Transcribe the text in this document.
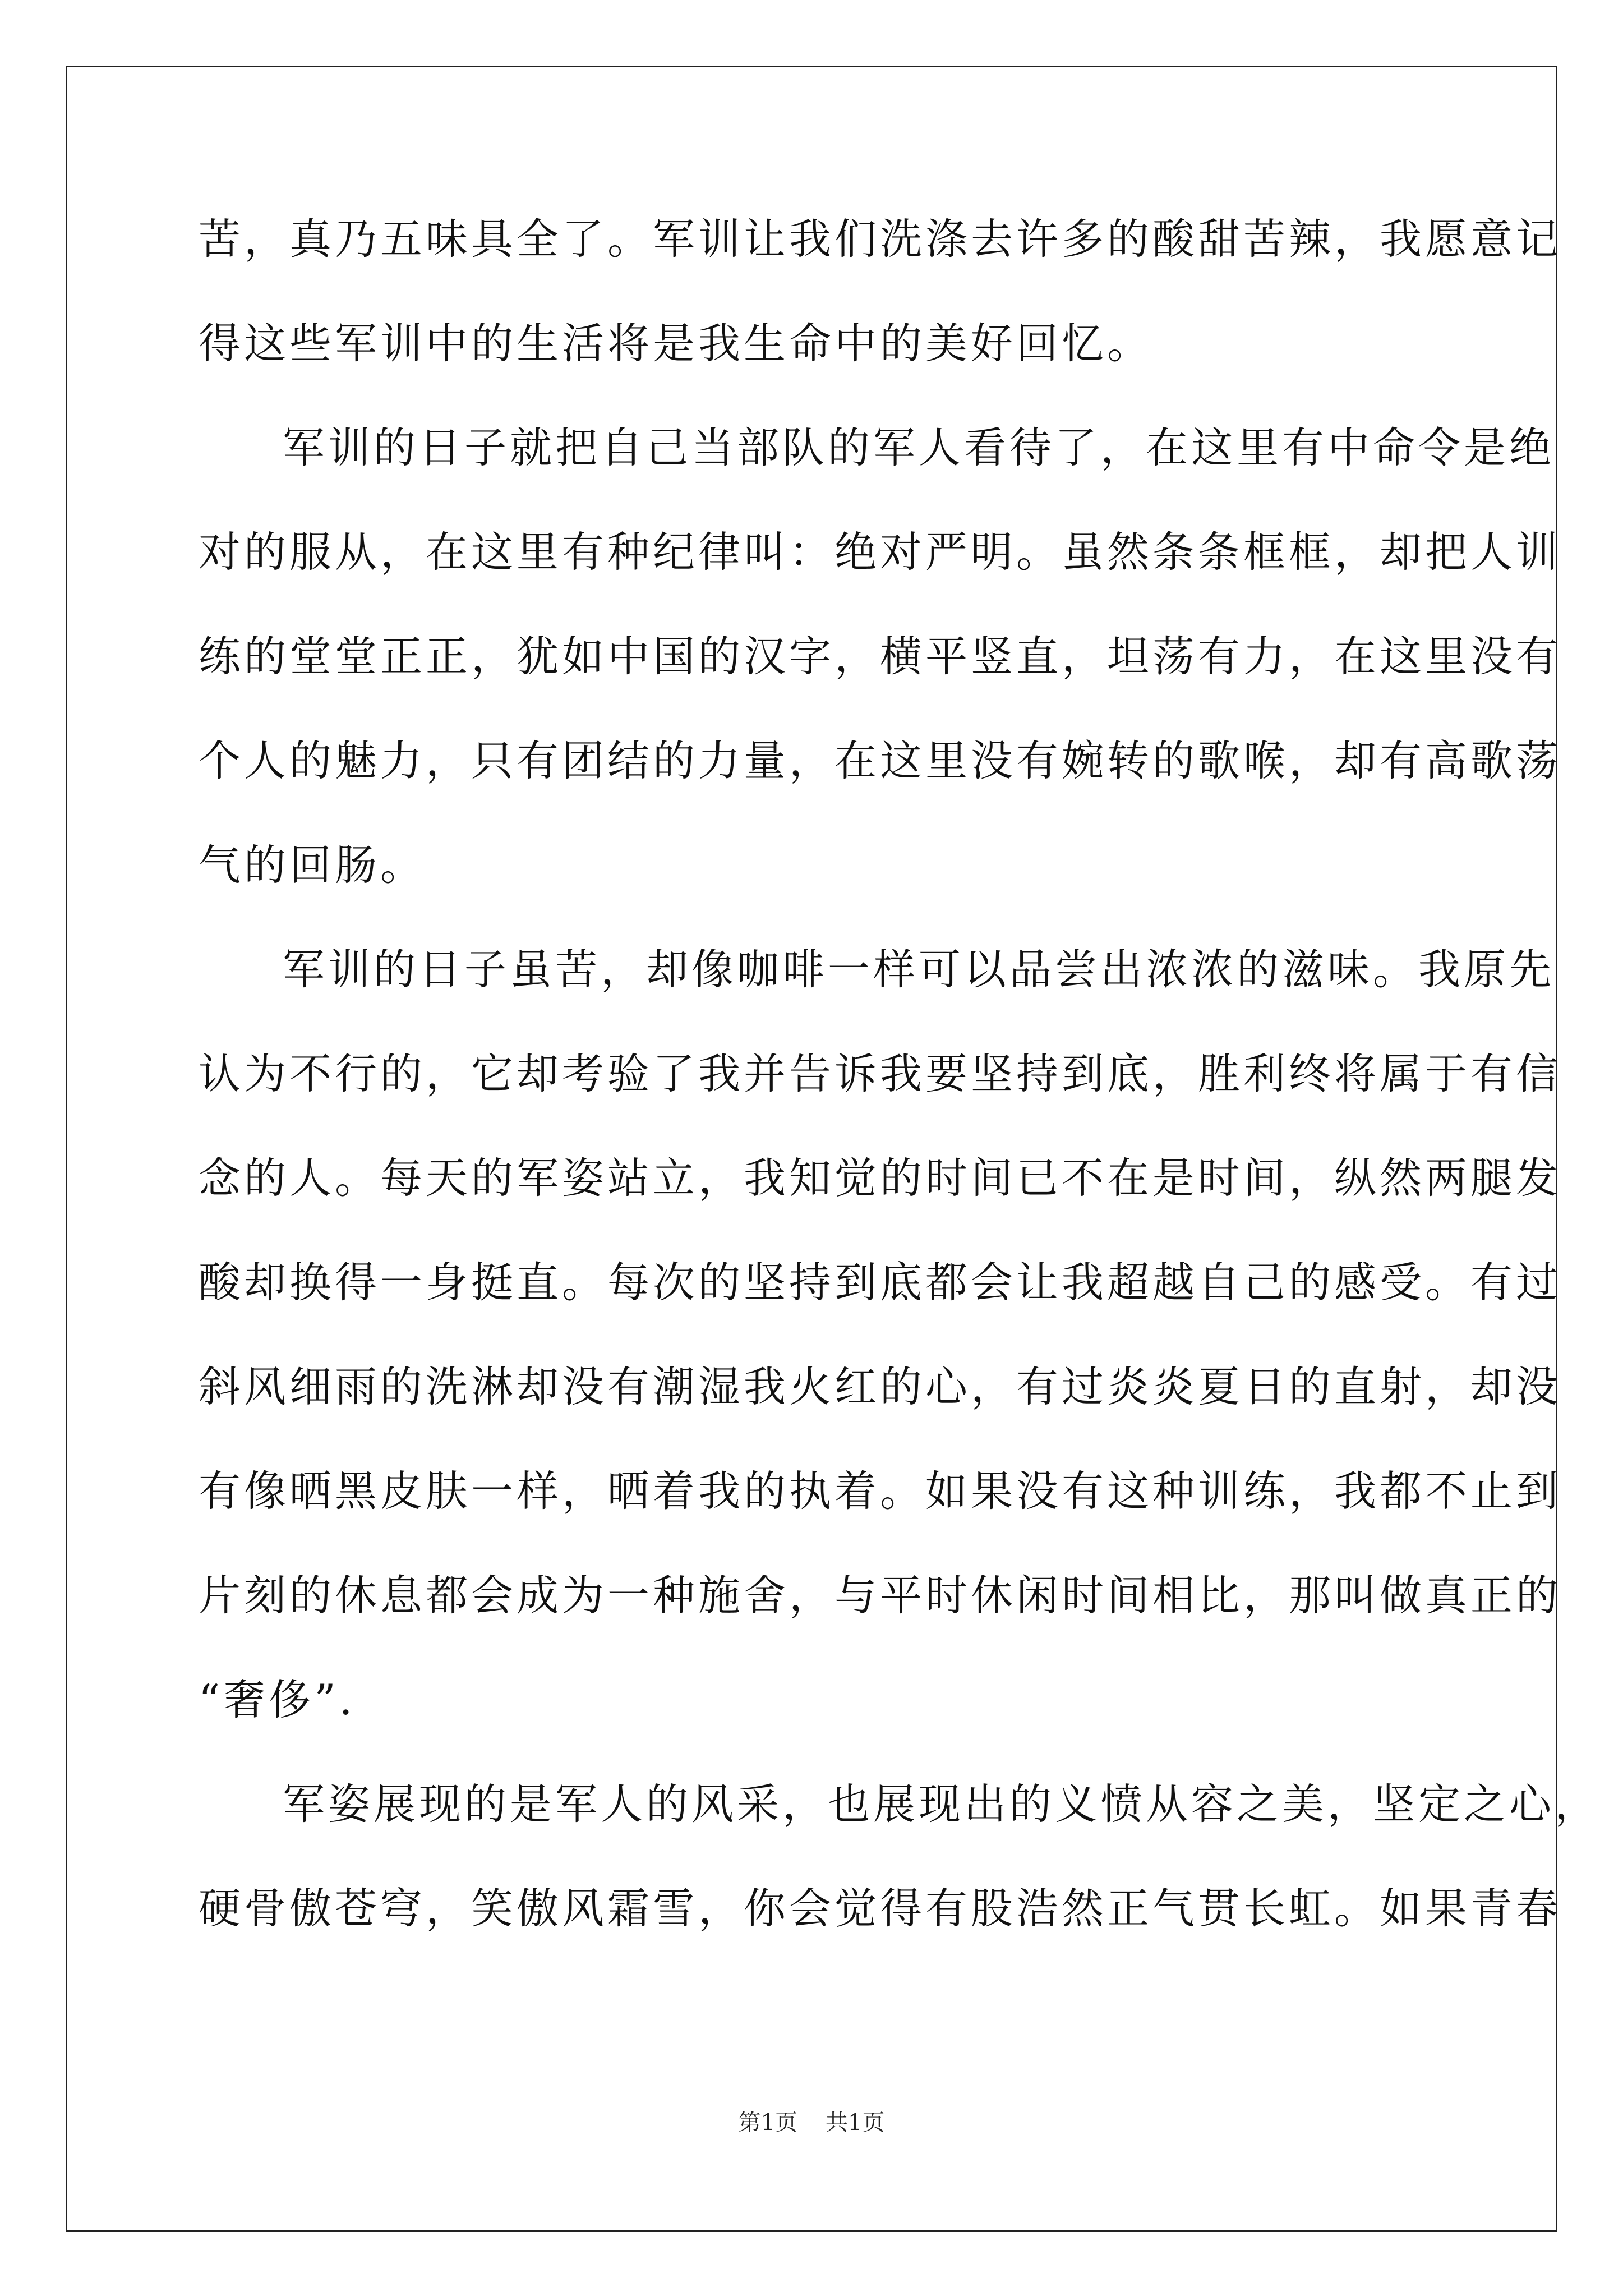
苦，真乃五味具全了。军训让我们洗涤去许多的酸甜苦辣，我愿意记
得这些军训中的生活将是我生命中的美好回忆。
军训的日子就把自己当部队的军人看待了，在这里有中命令是绝
对的服从，在这里有种纪律叫：绝对严明。虽然条条框框，却把人训
练的堂堂正正，犹如中国的汉字，横平竖直，坦荡有力，在这里没有
个人的魅力，只有团结的力量，在这里没有婉转的歌喉，却有高歌荡
气的回肠。
军训的日子虽苦，却像咖啡一样可以品尝出浓浓的滋味。我原先
认为不行的，它却考验了我并告诉我要坚持到底，胜利终将属于有信
念的人。每天的军姿站立，我知觉的时间已不在是时间，纵然两腿发
酸却换得一身挺直。每次的坚持到底都会让我超越自己的感受。有过
斜风细雨的洗淋却没有潮湿我火红的心，有过炎炎夏日的直射，却没
有像晒黑皮肤一样，晒着我的执着。如果没有这种训练，我都不止到
片刻的休息都会成为一种施舍，与平时休闲时间相比，那叫做真正的
“奢侈”.
军姿展现的是军人的风采，也展现出的义愤从容之美，坚定之心，
硬骨傲苍穹，笑傲风霜雪，你会觉得有股浩然正气贯长虹。如果青春
第1页 共1页
